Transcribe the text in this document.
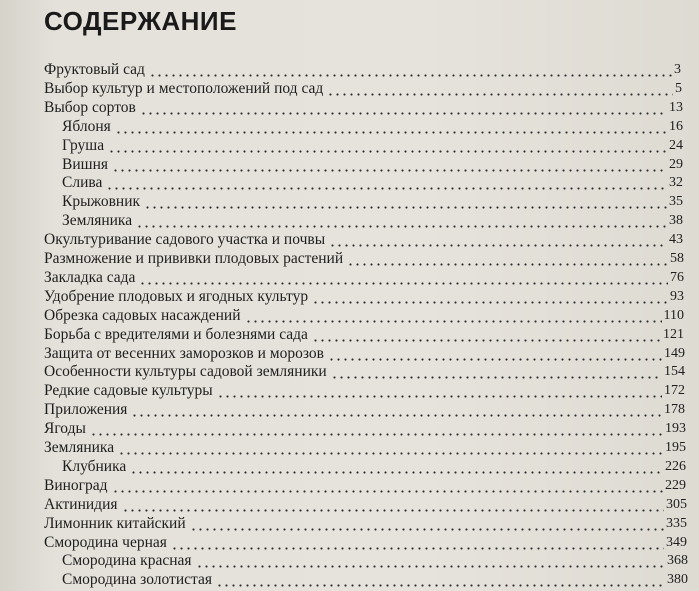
СОДЕРЖАНИЕ
Фруктовый сад	3
Выбор культур и местоположений под сад	5
Выбор сортов	13
Яблоня	16
Груша	24
Вишня	29
Слива	32
Крыжовник	35
Земляника	38
Окультуривание садового участка и почвы	43
Размножение и прививки плодовых растений	58
Закладка сада	76
Удобрение плодовых и ягодных культур	93
Обрезка садовых насаждений	110
Борьба с вредителями и болезнями сада	121
Защита от весенних заморозков и морозов	149
Особенности культуры садовой земляники	154
Редкие садовые культуры	172
Приложения	178
Ягоды	193
Земляника	195
Клубника	226
Виноград	229
Актинидия	305
Лимонник китайский	335
Смородина черная	349
Смородина красная	368
Смородина золотистая	380
